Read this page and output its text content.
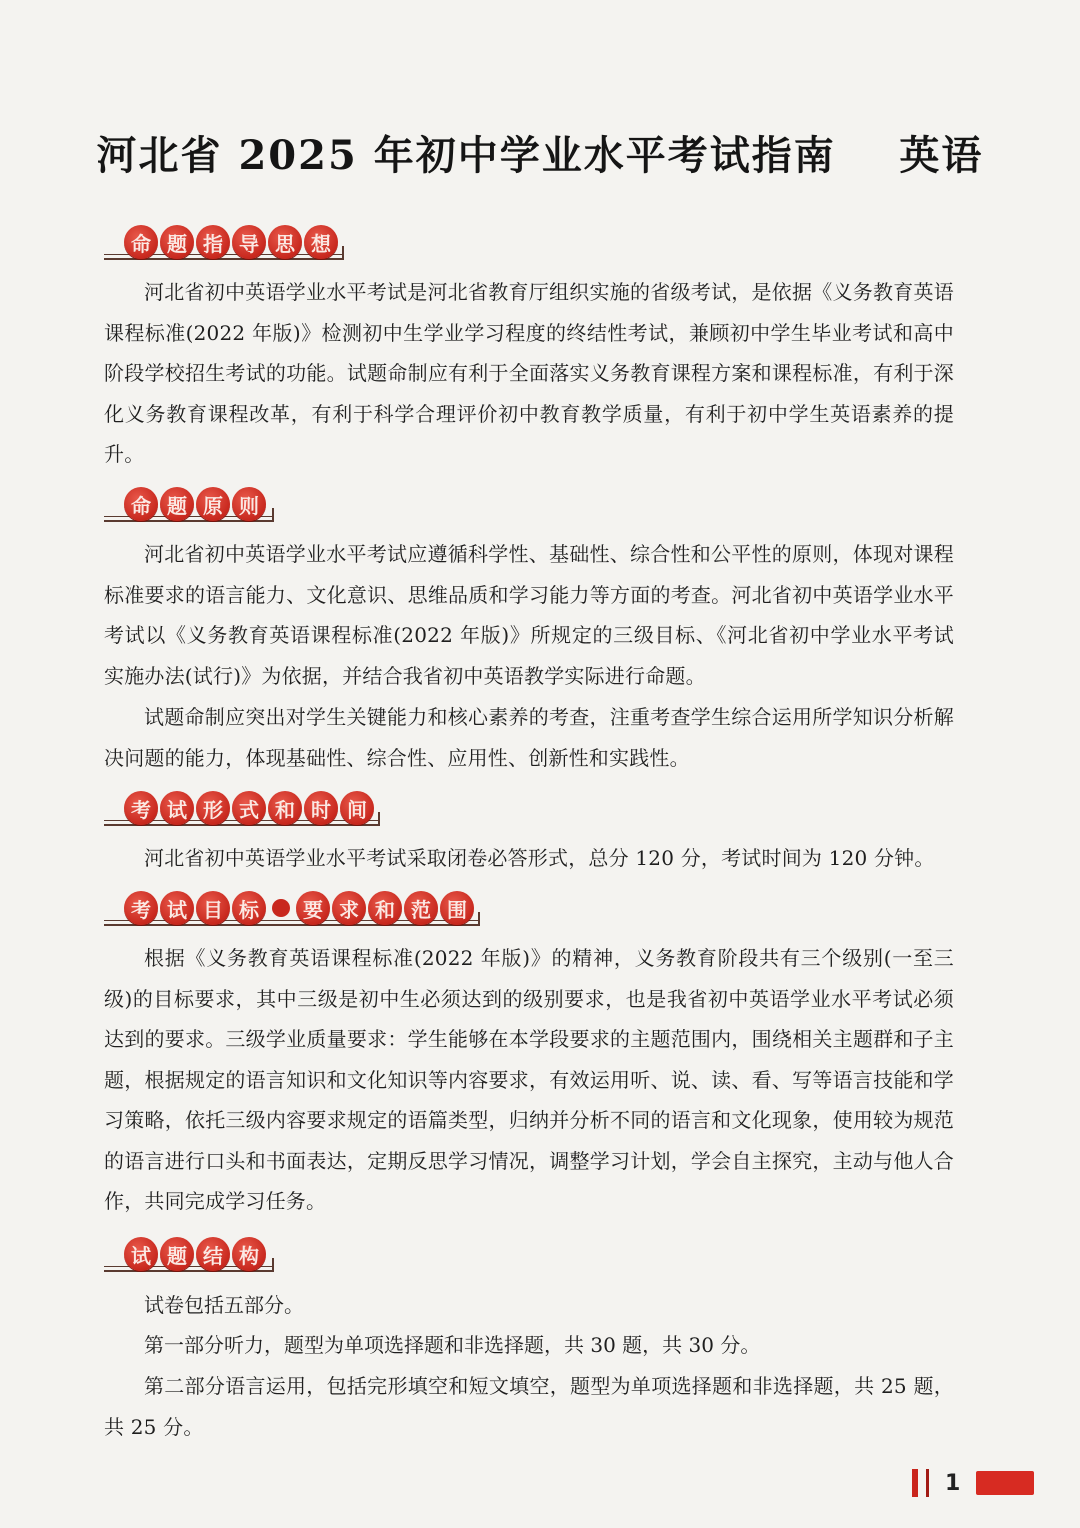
河北省 2025 年初中学业水平考试指南    英语
命 题 指 导 思 想
河北省初中英语学业水平考试是河北省教育厅组织实施的省级考试，是依据《义务教育英语课程标准(2022 年版)》检测初中生学业学习程度的终结性考试，兼顾初中学生毕业考试和高中阶段学校招生考试的功能。试题命制应有利于全面落实义务教育课程方案和课程标准，有利于深化义务教育课程改革，有利于科学合理评价初中教育教学质量，有利于初中学生英语素养的提升。
命 题 原 则
河北省初中英语学业水平考试应遵循科学性、基础性、综合性和公平性的原则，体现对课程标准要求的语言能力、文化意识、思维品质和学习能力等方面的考查。河北省初中英语学业水平考试以《义务教育英语课程标准(2022 年版)》所规定的三级目标、《河北省初中学业水平考试实施办法(试行)》为依据，并结合我省初中英语教学实际进行命题。
试题命制应突出对学生关键能力和核心素养的考查，注重考查学生综合运用所学知识分析解决问题的能力，体现基础性、综合性、应用性、创新性和实践性。
考 试 形 式 和 时 间
河北省初中英语学业水平考试采取闭卷必答形式，总分 120 分，考试时间为 120 分钟。
考 试 目 标	要 求 和 范 围
根据《义务教育英语课程标准(2022 年版)》的精神，义务教育阶段共有三个级别(一至三级)的目标要求，其中三级是初中生必须达到的级别要求，也是我省初中英语学业水平考试必须达到的要求。三级学业质量要求：学生能够在本学段要求的主题范围内，围绕相关主题群和子主题，根据规定的语言知识和文化知识等内容要求，有效运用听、说、读、看、写等语言技能和学习策略，依托三级内容要求规定的语篇类型，归纳并分析不同的语言和文化现象，使用较为规范的语言进行口头和书面表达，定期反思学习情况，调整学习计划，学会自主探究，主动与他人合作，共同完成学习任务。
试 题 结 构
试卷包括五部分。
第一部分听力，题型为单项选择题和非选择题，共 30 题，共 30 分。
第二部分语言运用，包括完形填空和短文填空，题型为单项选择题和非选择题，共 25 题，共 25 分。
1
